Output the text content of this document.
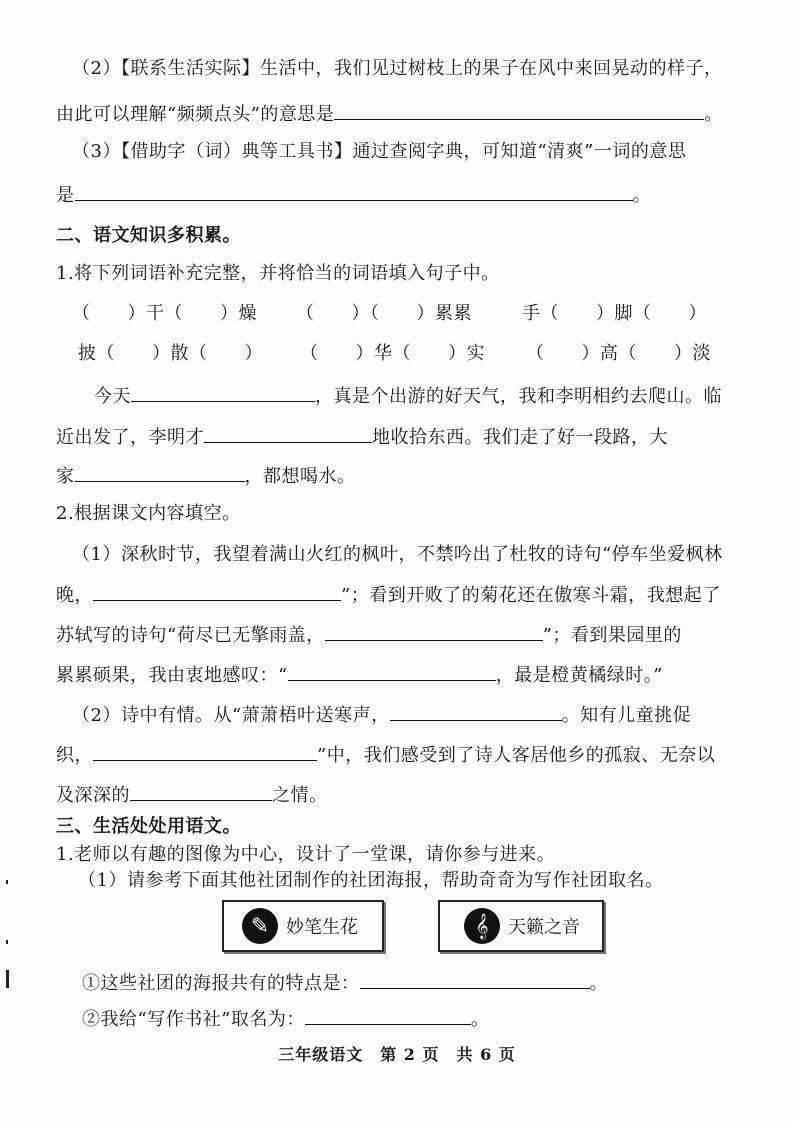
（2）【联系生活实际】生活中，我们见过树枝上的果子在风中来回晃动的样子，
由此可以理解“频频点头”的意思是	。
（3）【借助字（词）典等工具书】通过查阅字典，可知道“清爽”一词的意思
是	。
二、语文知识多积累。
1.将下列词语补充完整，并将恰当的词语填入句子中。
（　　）干（　　）燥 （　　）（　　）累累	手（　　）脚（　　）
披（　　）散（　　） （　　）华（　　）实 （　　）高（　　）淡
今天	，真是个出游的好天气，我和李明相约去爬山。临
近出发了，李明才	地收拾东西。我们走了好一段路，大
家	，都想喝水。
2.根据课文内容填空。
（1）深秋时节，我望着满山火红的枫叶，不禁吟出了杜牧的诗句“停车坐爱枫林
晚，	”；看到开败了的菊花还在傲寒斗霜，我想起了
苏轼写的诗句“荷尽已无擎雨盖，	”；看到果园里的
累累硕果，我由衷地感叹：“	，最是橙黄橘绿时。”
（2）诗中有情。从“萧萧梧叶送寒声，	。知有儿童挑促
织，	”中，我们感受到了诗人客居他乡的孤寂、无奈以
及深深的	之情。
三、生活处处用语文。
1.老师以有趣的图像为中心，设计了一堂课，请你参与进来。
（1）请参考下面其他社团制作的社团海报，帮助奇奇为写作社团取名。
✎ 妙笔生花	𝄞	天籁之音
①这些社团的海报共有的特点是：	。
②我给“写作书社”取名为：	。
三年级语文　第 2 页　共 6 页
